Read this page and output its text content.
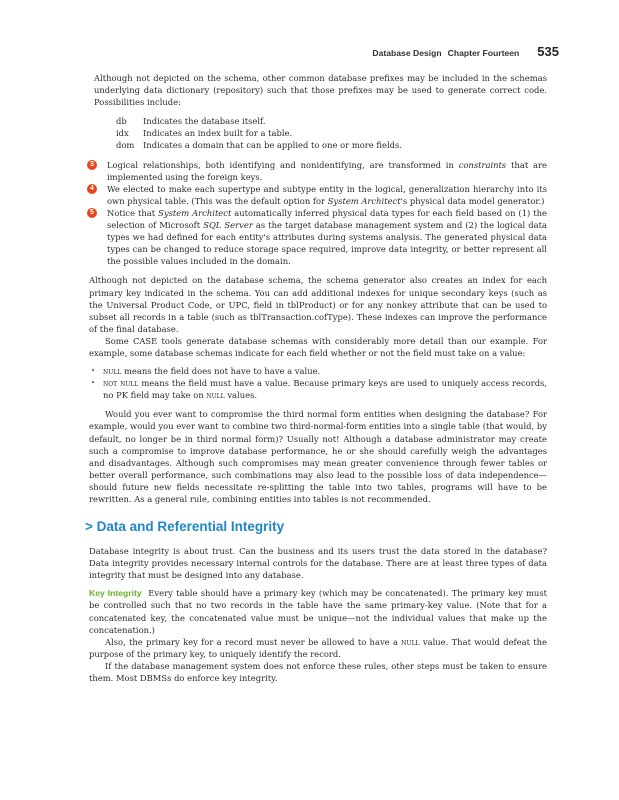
Database Design Chapter Fourteen 535

Although not depicted on the schema, other common database prefixes may be included in the schemas underlying data dictionary (repository) such that those prefixes may be used to generate correct code. Possibilities include:

db	Indicates the database itself.
idx	Indicates an index built for a table.
dom	Indicates a domain that can be applied to one or more fields.
3	Logical relationships, both identifying and nonidentifying, are transformed in constraints that are implemented using the foreign keys.
4	We elected to make each supertype and subtype entity in the logical, generalization hierarchy into its own physical table. (This was the default option for System Architect's physical data model generator.)
5	Notice that System Architect automatically inferred physical data types for each field based on (1) the selection of Microsoft SQL Server as the target database management system and (2) the logical data types we had defined for each entity's attributes during systems analysis. The generated physical data types can be changed to reduce storage space required, improve data integrity, or better represent all the possible values included in the domain.

Although not depicted on the database schema, the schema generator also creates an index for each primary key indicated in the schema. You can add additional indexes for unique secondary keys (such as the Universal Product Code, or UPC, field in tblProduct) or for any nonkey attribute that can be used to subset all records in a table (such as tblTransaction.cofType). These indexes can improve the performance of the final database.

Some CASE tools generate database schemas with considerably more detail than our example. For example, some database schemas indicate for each field whether or not the field must take on a value:

• null means the field does not have to have a value.
• not null means the field must have a value. Because primary keys are used to uniquely access records, no PK field may take on null values.

Would you ever want to compromise the third normal form entities when designing the database? For example, would you ever want to combine two third-normal-form entities into a single table (that would, by default, no longer be in third normal form)? Usually not! Although a database administrator may create such a compromise to improve database performance, he or she should carefully weigh the advantages and disadvantages. Although such compromises may mean greater convenience through fewer tables or better overall performance, such combinations may also lead to the possible loss of data independence—should future new fields necessitate re-splitting the table into two tables, programs will have to be rewritten. As a general rule, combining entities into tables is not recommended.

> Data and Referential Integrity

Database integrity is about trust. Can the business and its users trust the data stored in the database? Data integrity provides necessary internal controls for the database. There are at least three types of data integrity that must be designed into any database.

Key Integrity Every table should have a primary key (which may be concatenated). The primary key must be controlled such that no two records in the table have the same primary-key value. (Note that for a concatenated key, the concatenated value must be unique—not the individual values that make up the concatenation.)

Also, the primary key for a record must never be allowed to have a null value. That would defeat the purpose of the primary key, to uniquely identify the record.

If the database management system does not enforce these rules, other steps must be taken to ensure them. Most DBMSs do enforce key integrity.
